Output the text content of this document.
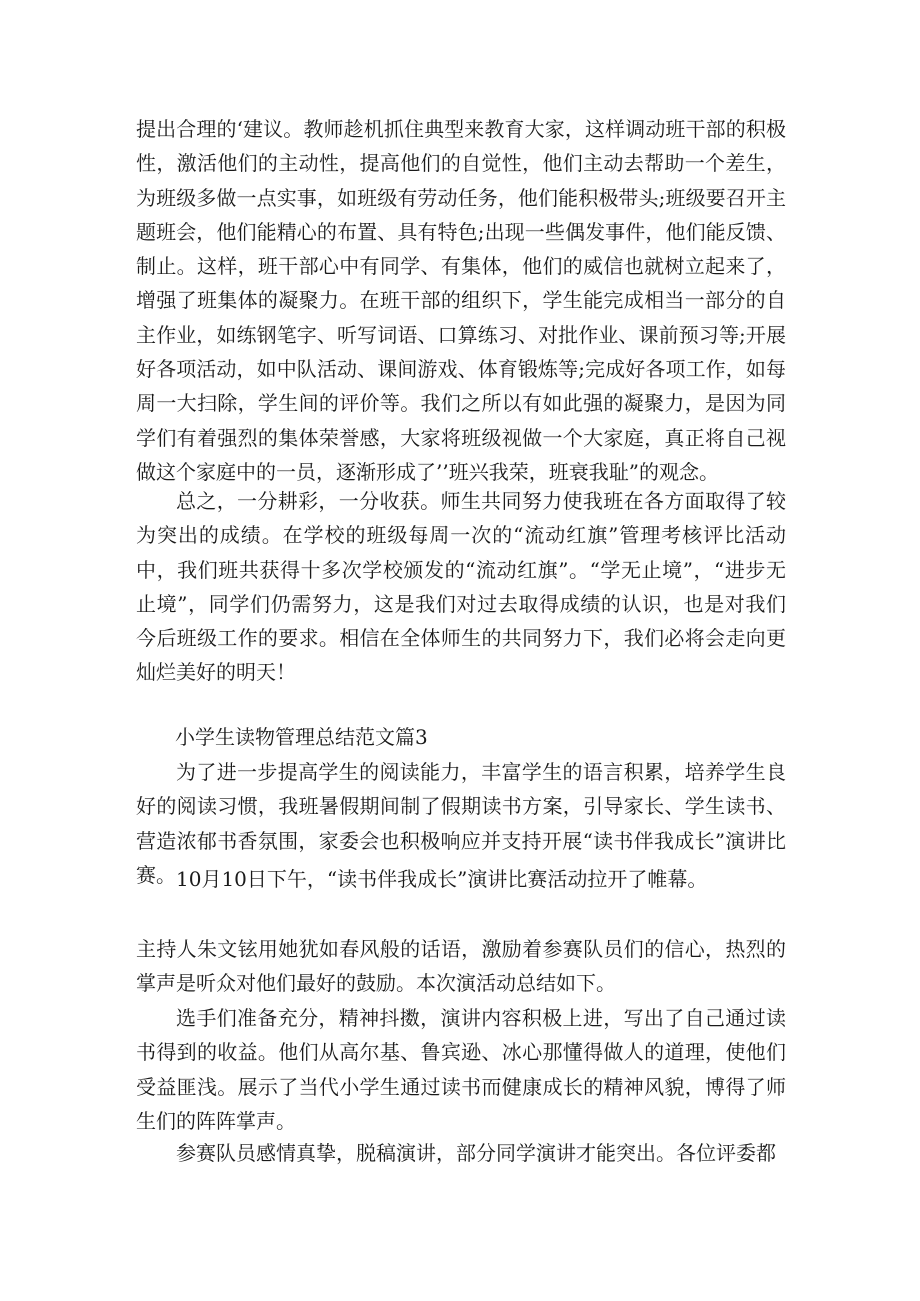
提出合理的‘建议。教师趁机抓住典型来教育大家，这样调动班干部的积极性，激活他们的主动性，提高他们的自觉性，他们主动去帮助一个差生，为班级多做一点实事，如班级有劳动任务，他们能积极带头;班级要召开主题班会，他们能精心的布置、具有特色;出现一些偶发事件，他们能反馈、制止。这样，班干部心中有同学、有集体，他们的威信也就树立起来了，增强了班集体的凝聚力。在班干部的组织下，学生能完成相当一部分的自主作业，如练钢笔字、听写词语、口算练习、对批作业、课前预习等;开展好各项活动，如中队活动、课间游戏、体育锻炼等;完成好各项工作，如每周一大扫除，学生间的评价等。我们之所以有如此强的凝聚力，是因为同学们有着强烈的集体荣誉感，大家将班级视做一个大家庭，真正将自己视做这个家庭中的一员，逐渐形成了’’班兴我荣，班衰我耻”的观念。

总之，一分耕彩，一分收获。师生共同努力使我班在各方面取得了较为突出的成绩。在学校的班级每周一次的“流动红旗”管理考核评比活动中，我们班共获得十多次学校颁发的“流动红旗”。“学无止境”，“进步无止境”，同学们仍需努力，这是我们对过去取得成绩的认识，也是对我们今后班级工作的要求。相信在全体师生的共同努力下，我们必将会走向更灿烂美好的明天！

小学生读物管理总结范文篇3

为了进一步提高学生的阅读能力，丰富学生的语言积累，培养学生良好的阅读习惯，我班暑假期间制了假期读书方案，引导家长、学生读书、营造浓郁书香氛围，家委会也积极响应并支持开展“读书伴我成长”演讲比赛。 10月10日下午，“读书伴我成长”演讲比赛活动拉开了帷幕。

主持人朱文铉用她犹如春风般的话语，激励着参赛队员们的信心，热烈的掌声是听众对他们最好的鼓励。本次演活动总结如下。

选手们准备充分，精神抖擞，演讲内容积极上进，写出了自己通过读书得到的收益。他们从高尔基、鲁宾逊、冰心那懂得做人的道理，使他们受益匪浅。展示了当代小学生通过读书而健康成长的精神风貌，博得了师生们的阵阵掌声。

参赛队员感情真挚，脱稿演讲，部分同学演讲才能突出。各位评委都
